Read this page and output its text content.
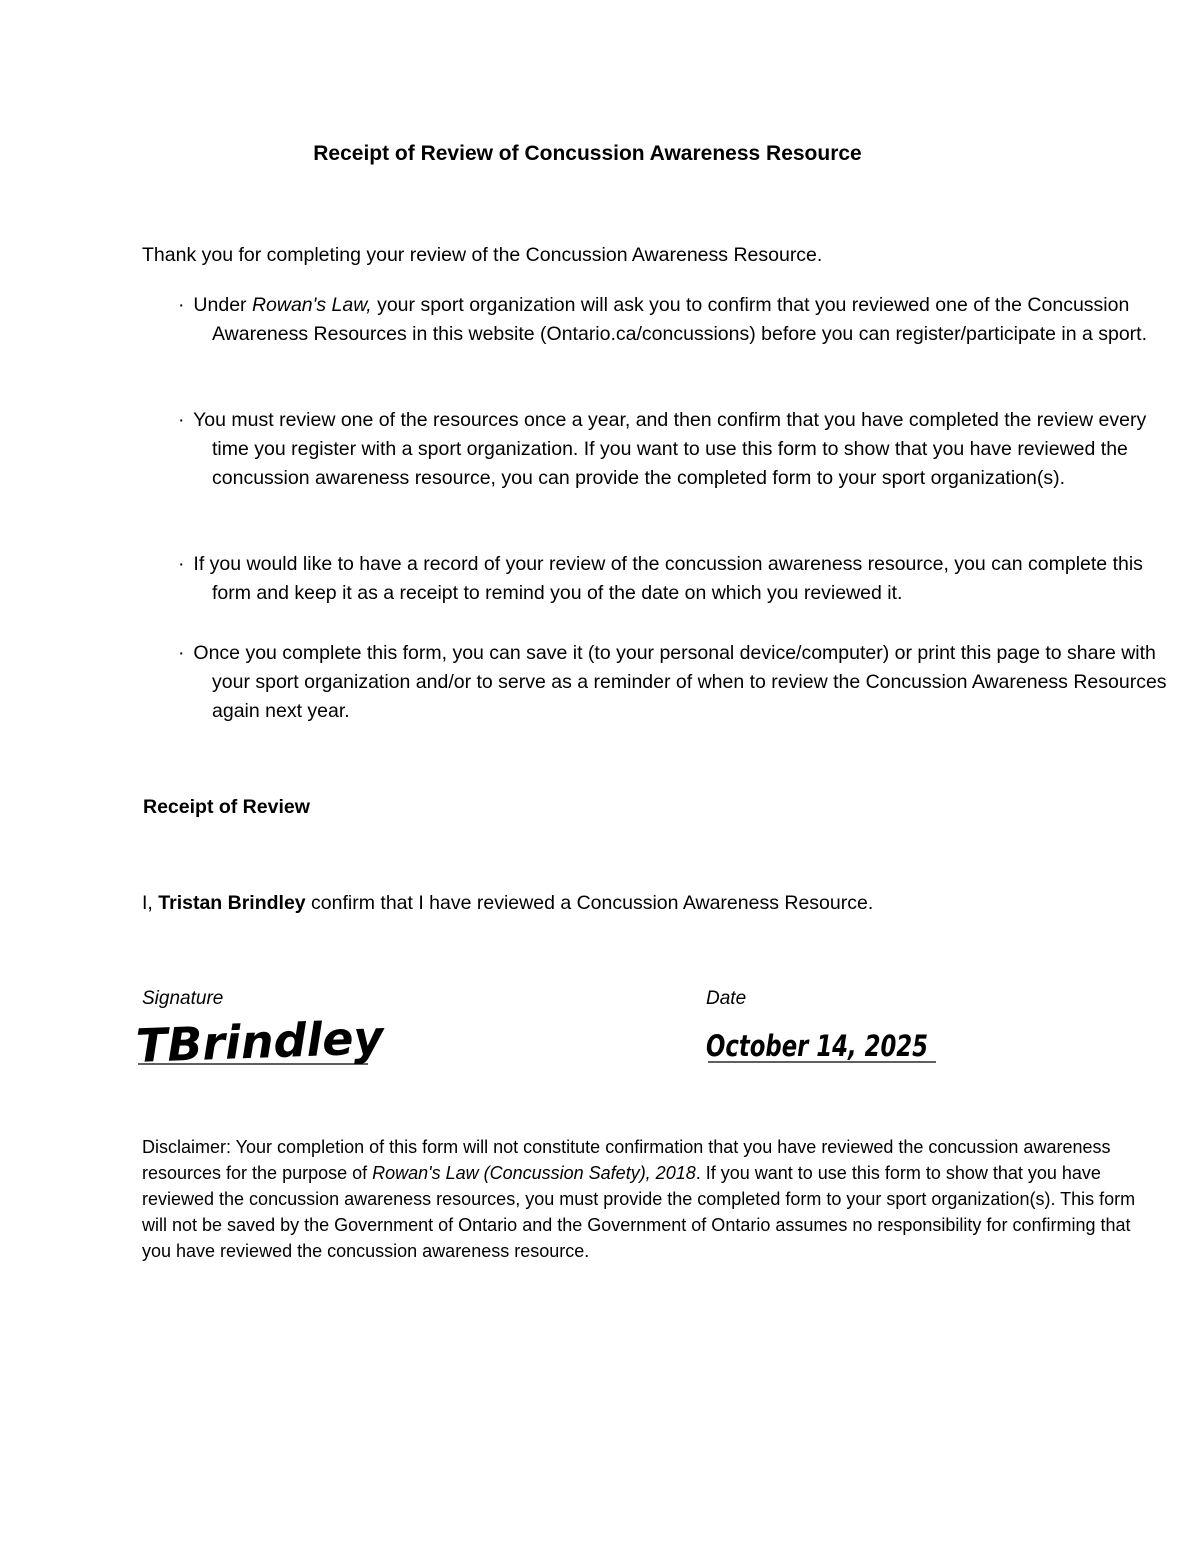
Receipt of Review of Concussion Awareness Resource
Thank you for completing your review of the Concussion Awareness Resource.
· Under Rowan's Law, your sport organization will ask you to confirm that you reviewed one of the Concussion Awareness Resources in this website (Ontario.ca/concussions) before you can register/participate in a sport.
· You must review one of the resources once a year, and then confirm that you have completed the review every time you register with a sport organization. If you want to use this form to show that you have reviewed the concussion awareness resource, you can provide the completed form to your sport organization(s).
· If you would like to have a record of your review of the concussion awareness resource, you can complete this form and keep it as a receipt to remind you of the date on which you reviewed it.
· Once you complete this form, you can save it (to your personal device/computer) or print this page to share with your sport organization and/or to serve as a reminder of when to review the Concussion Awareness Resources again next year.
Receipt of Review
I, Tristan Brindley confirm that I have reviewed a Concussion Awareness Resource.
Signature	Date
TBrindley	October 14, 2025
Disclaimer: Your completion of this form will not constitute confirmation that you have reviewed the concussion awareness resources for the purpose of Rowan's Law (Concussion Safety), 2018. If you want to use this form to show that you have reviewed the concussion awareness resources, you must provide the completed form to your sport organization(s). This form will not be saved by the Government of Ontario and the Government of Ontario assumes no responsibility for confirming that you have reviewed the concussion awareness resource.
